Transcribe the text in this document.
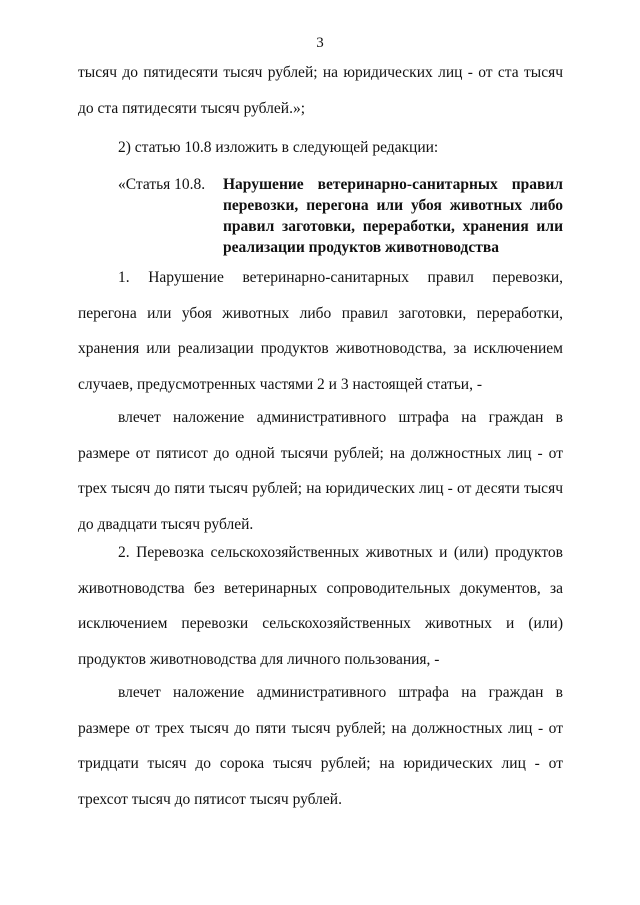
3

тысяч до пятидесяти тысяч рублей; на юридических лиц - от ста тысяч до ста пятидесяти тысяч рублей.»;

2) статью 10.8 изложить в следующей редакции:

«Статья 10.8.	Нарушение ветеринарно-санитарных правил перевозки, перегона или убоя животных либо правил заготовки, переработки, хранения или реализации продуктов животноводства

1. Нарушение ветеринарно-санитарных правил перевозки, перегона или убоя животных либо правил заготовки, переработки, хранения или реализации продуктов животноводства, за исключением случаев, предусмотренных частями 2 и 3 настоящей статьи, -

влечет наложение административного штрафа на граждан в размере от пятисот до одной тысячи рублей; на должностных лиц - от трех тысяч до пяти тысяч рублей; на юридических лиц - от десяти тысяч до двадцати тысяч рублей.

2. Перевозка сельскохозяйственных животных и (или) продуктов животноводства без ветеринарных сопроводительных документов, за исключением перевозки сельскохозяйственных животных и (или) продуктов животноводства для личного пользования, -

влечет наложение административного штрафа на граждан в размере от трех тысяч до пяти тысяч рублей; на должностных лиц - от тридцати тысяч до сорока тысяч рублей; на юридических лиц - от трехсот тысяч до пятисот тысяч рублей.
